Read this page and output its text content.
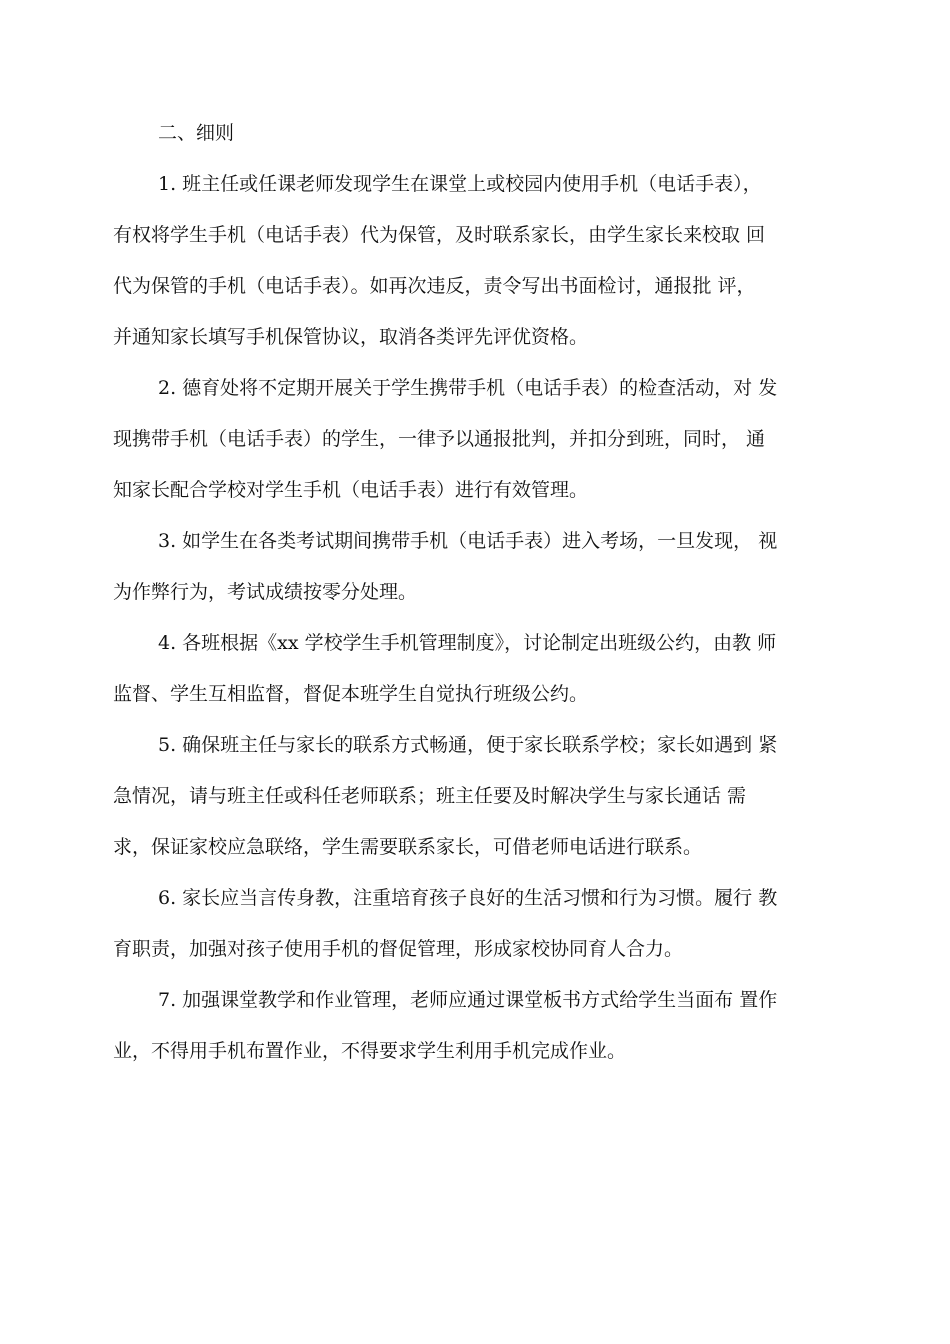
二、细则
1. 班主任或任课老师发现学生在课堂上或校园内使用手机（电话手表），
有权将学生手机（电话手表）代为保管，及时联系家长，由学生家长来校取 回
代为保管的手机（电话手表）。如再次违反，责令写出书面检讨，通报批 评，
并通知家长填写手机保管协议，取消各类评先评优资格。
2. 德育处将不定期开展关于学生携带手机（电话手表）的检查活动，对 发
现携带手机（电话手表）的学生，一律予以通报批判，并扣分到班，同时， 通
知家长配合学校对学生手机（电话手表）进行有效管理。
3. 如学生在各类考试期间携带手机（电话手表）进入考场，一旦发现， 视
为作弊行为，考试成绩按零分处理。
4. 各班根据《xx 学校学生手机管理制度》，讨论制定出班级公约，由教 师
监督、学生互相监督，督促本班学生自觉执行班级公约。
5. 确保班主任与家长的联系方式畅通，便于家长联系学校；家长如遇到 紧
急情况，请与班主任或科任老师联系；班主任要及时解决学生与家长通话 需
求，保证家校应急联络，学生需要联系家长，可借老师电话进行联系。
6. 家长应当言传身教，注重培育孩子良好的生活习惯和行为习惯。履行 教
育职责，加强对孩子使用手机的督促管理，形成家校协同育人合力。
7. 加强课堂教学和作业管理，老师应通过课堂板书方式给学生当面布 置作
业，不得用手机布置作业，不得要求学生利用手机完成作业。
